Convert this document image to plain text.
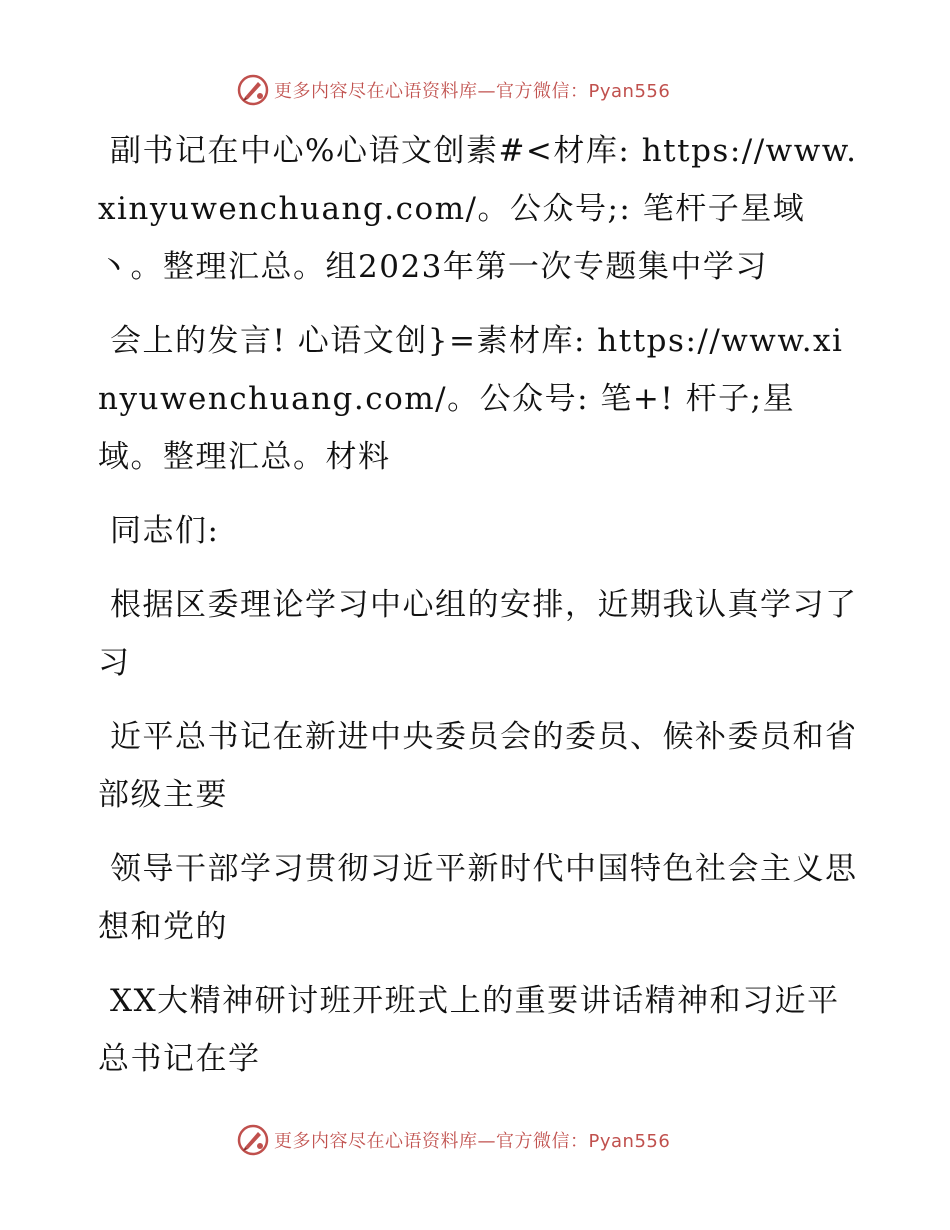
更多内容尽在心语资料库—官方微信：Pyan556

副书记在中心%心语文创素#<材库: https://www.xinyuwenchuang.com/。公众号;: 笔杆子星域丶。整理汇总。组2023年第一次专题集中学习

会上的发言! 心语文创}=素材库: https://www.xinyuwenchuang.com/。公众号: 笔+! 杆子;星域。整理汇总。材料

同志们:

根据区委理论学习中心组的安排，近期我认真学习了习

近平总书记在新进中央委员会的委员、候补委员和省部级主要

领导干部学习贯彻习近平新时代中国特色社会主义思想和党的

XX大精神研讨班开班式上的重要讲话精神和习近平总书记在学

更多内容尽在心语资料库—官方微信：Pyan556
